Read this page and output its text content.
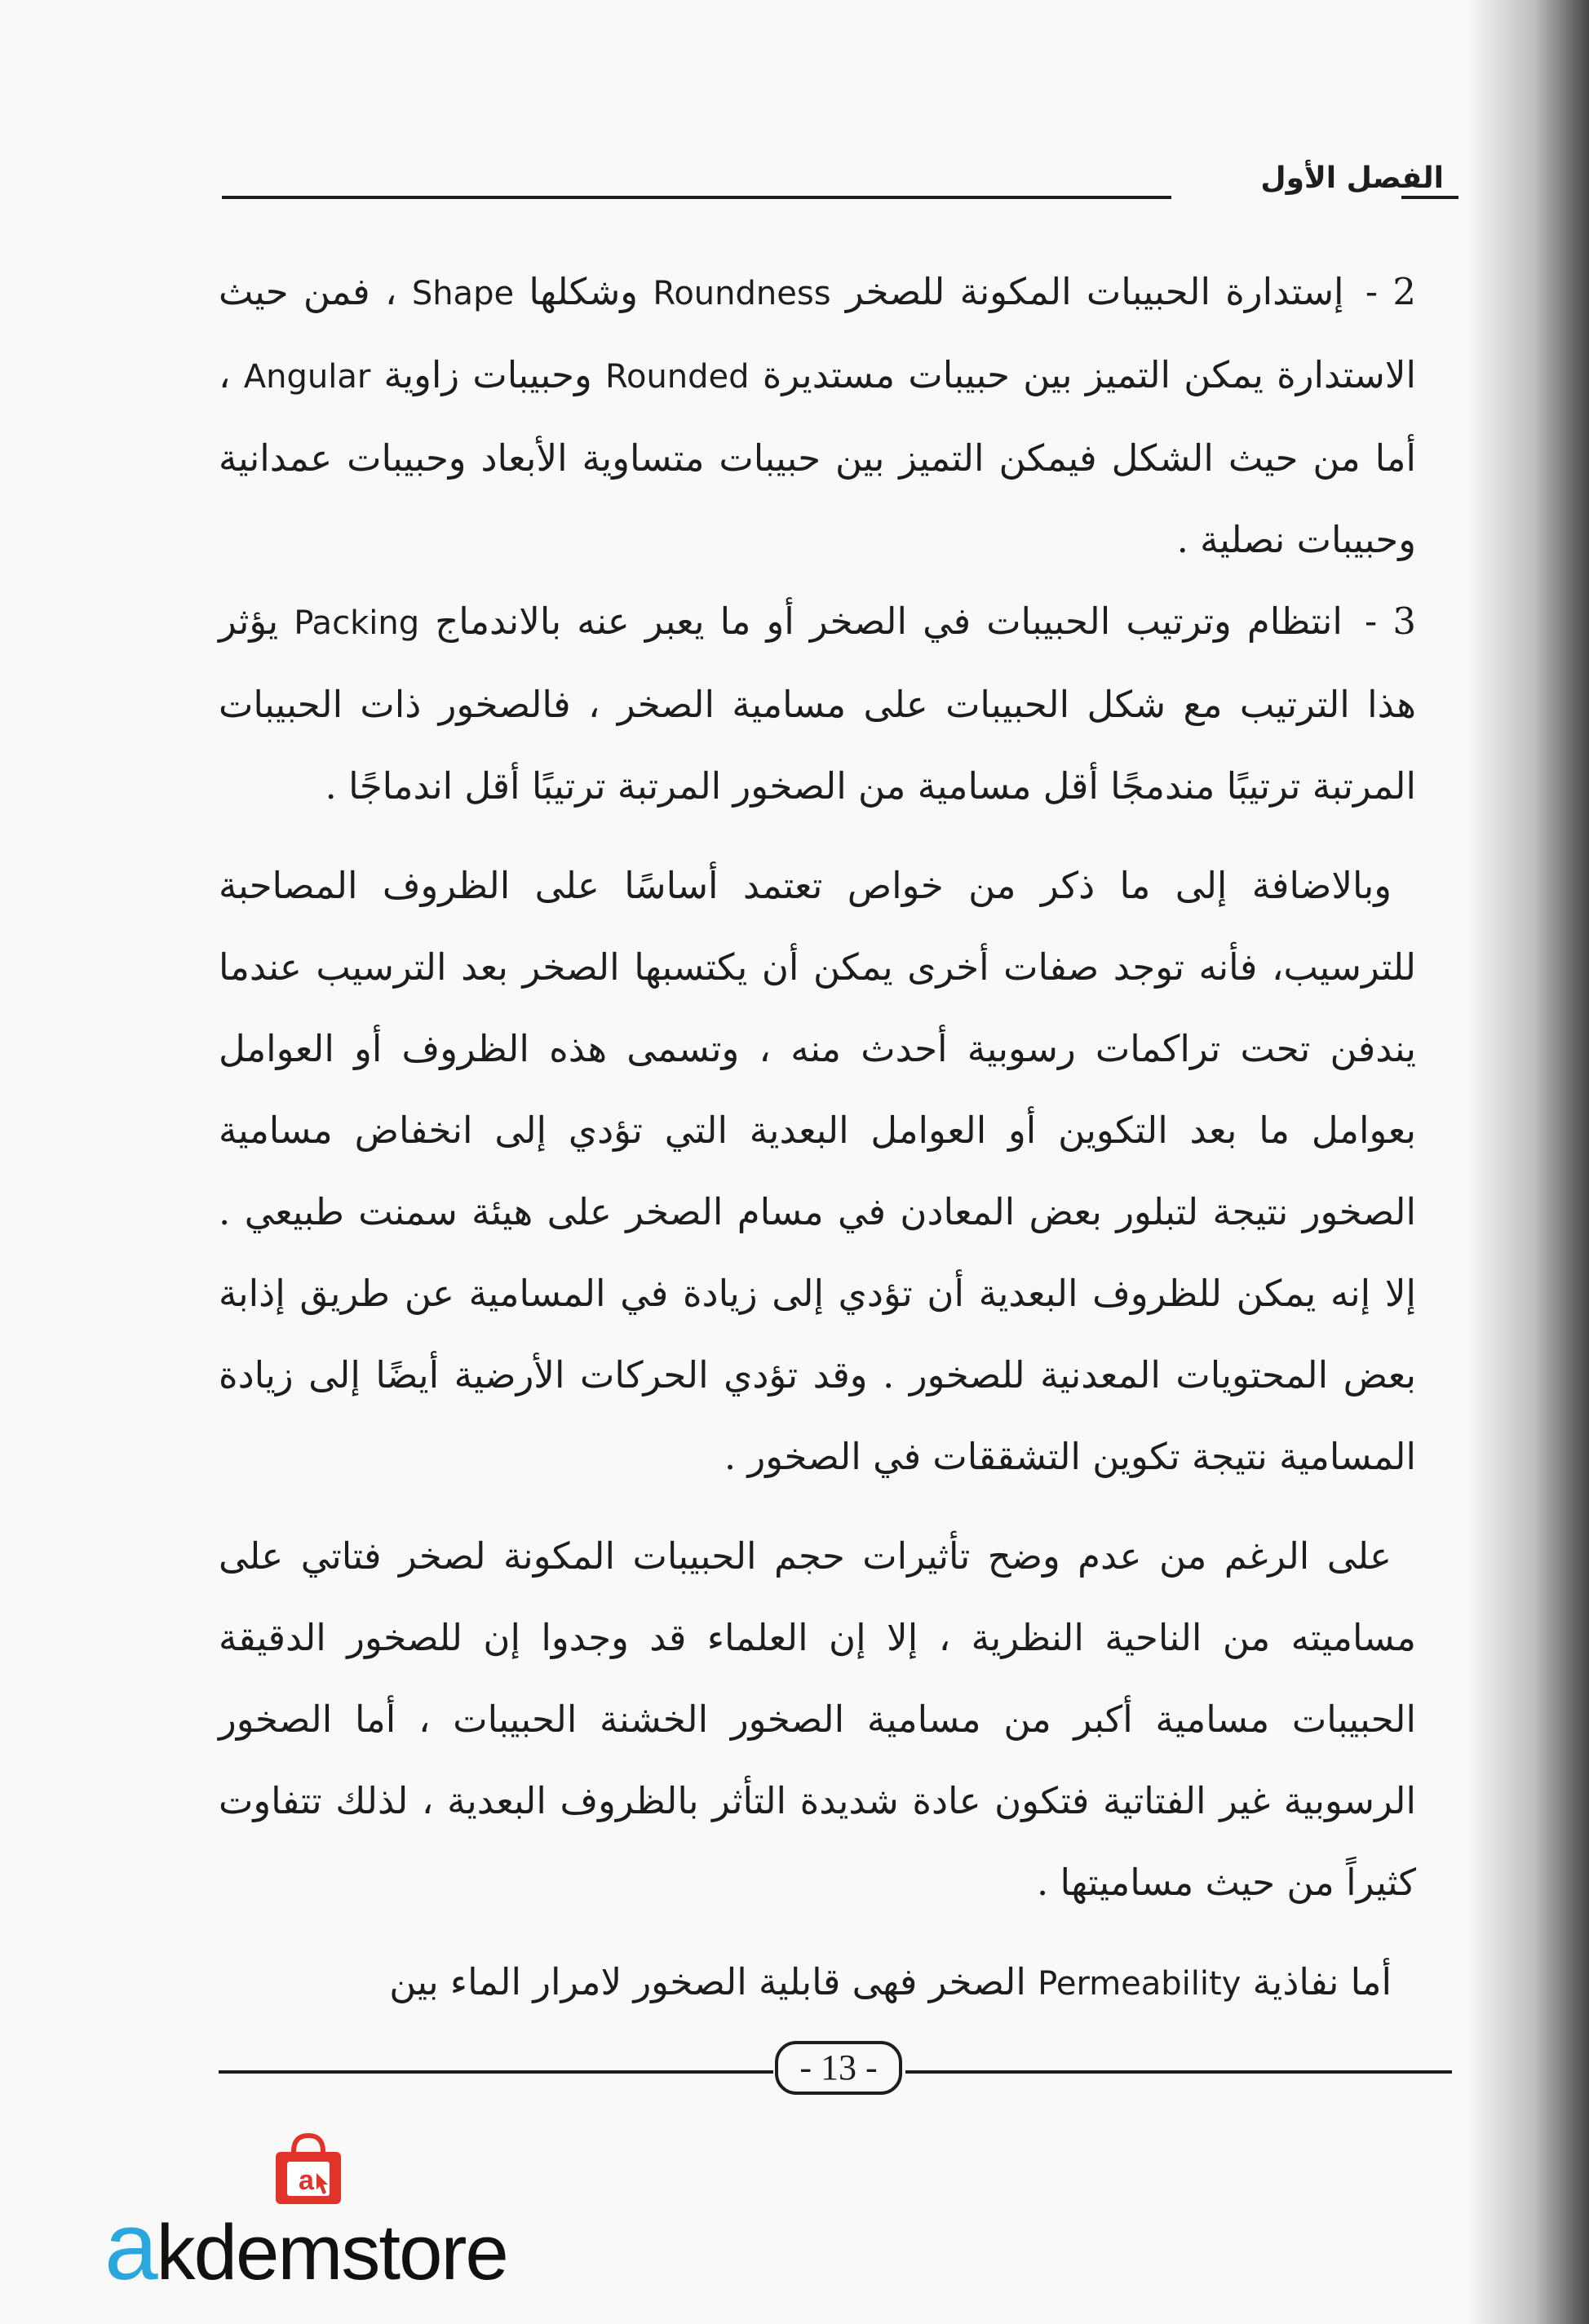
الفصل الأول

2 - إستدارة الحبيبات المكونة للصخر Roundness وشكلها Shape ، فمن حيث الاستدارة يمكن التميز بين حبيبات مستديرة Rounded وحبيبات زاوية Angular ، أما من حيث الشكل فيمكن التميز بين حبيبات متساوية الأبعاد وحبيبات عمدانية وحبيبات نصلية .

3 - انتظام وترتيب الحبيبات في الصخر أو ما يعبر عنه بالاندماج Packing يؤثر هذا الترتيب مع شكل الحبيبات على مسامية الصخر ، فالصخور ذات الحبيبات المرتبة ترتيبًا مندمجًا أقل مسامية من الصخور المرتبة ترتيبًا أقل اندماجًا .

وبالاضافة إلى ما ذكر من خواص تعتمد أساسًا على الظروف المصاحبة للترسيب، فأنه توجد صفات أخرى يمكن أن يكتسبها الصخر بعد الترسيب عندما يندفن تحت تراكمات رسوبية أحدث منه ، وتسمى هذه الظروف أو العوامل بعوامل ما بعد التكوين أو العوامل البعدية التي تؤدي إلى انخفاض مسامية الصخور نتيجة لتبلور بعض المعادن في مسام الصخر على هيئة سمنت طبيعي . إلا إنه يمكن للظروف البعدية أن تؤدي إلى زيادة في المسامية عن طريق إذابة بعض المحتويات المعدنية للصخور . وقد تؤدي الحركات الأرضية أيضًا إلى زيادة المسامية نتيجة تكوين التشققات في الصخور .

على الرغم من عدم وضح تأثيرات حجم الحبيبات المكونة لصخر فتاتي على مساميته من الناحية النظرية ، إلا إن العلماء قد وجدوا إن للصخور الدقيقة الحبيبات مسامية أكبر من مسامية الصخور الخشنة الحبيبات ، أما الصخور الرسوبية غير الفتاتية فتكون عادة شديدة التأثر بالظروف البعدية ، لذلك تتفاوت كثيراً من حيث مساميتها .

أما نفاذية Permeability الصخر فهى قابلية الصخور لامرار الماء بين

- 13 -
a
akdemstore
